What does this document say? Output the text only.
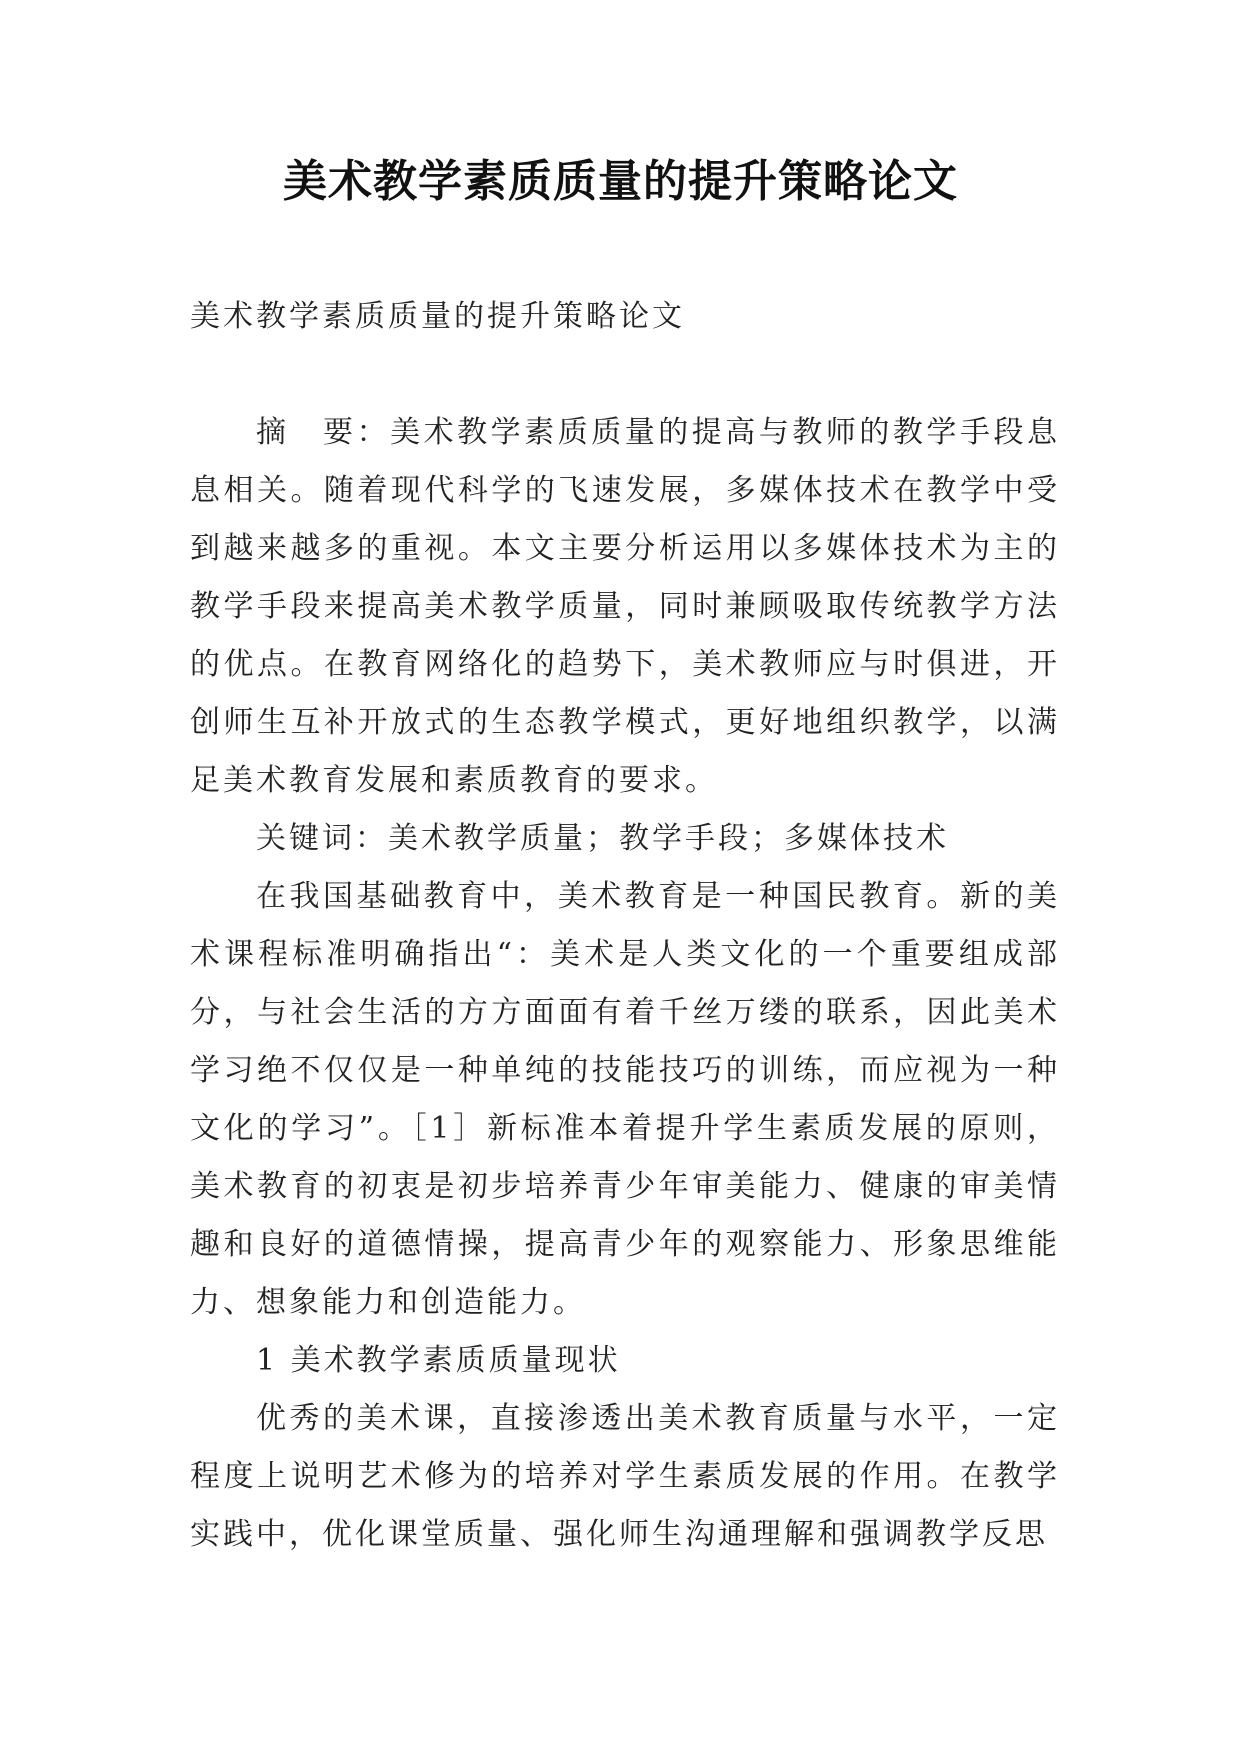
美术教学素质质量的提升策略论文

美术教学素质质量的提升策略论文

摘　要：美术教学素质质量的提高与教师的教学手段息息相关。随着现代科学的飞速发展，多媒体技术在教学中受到越来越多的重视。本文主要分析运用以多媒体技术为主的教学手段来提高美术教学质量，同时兼顾吸取传统教学方法的优点。在教育网络化的趋势下，美术教师应与时俱进，开创师生互补开放式的生态教学模式，更好地组织教学，以满足美术教育发展和素质教育的要求。

关键词：美术教学质量；教学手段；多媒体技术

在我国基础教育中，美术教育是一种国民教育。新的美术课程标准明确指出“：美术是人类文化的一个重要组成部分，与社会生活的方方面面有着千丝万缕的联系，因此美术学习绝不仅仅是一种单纯的技能技巧的训练，而应视为一种文化的学习”。［1］新标准本着提升学生素质发展的原则，美术教育的初衷是初步培养青少年审美能力、健康的审美情趣和良好的道德情操，提高青少年的观察能力、形象思维能力、想象能力和创造能力。

1 美术教学素质质量现状

优秀的美术课，直接渗透出美术教育质量与水平，一定程度上说明艺术修为的培养对学生素质发展的作用。在教学实践中，优化课堂质量、强化师生沟通理解和强调教学反思
